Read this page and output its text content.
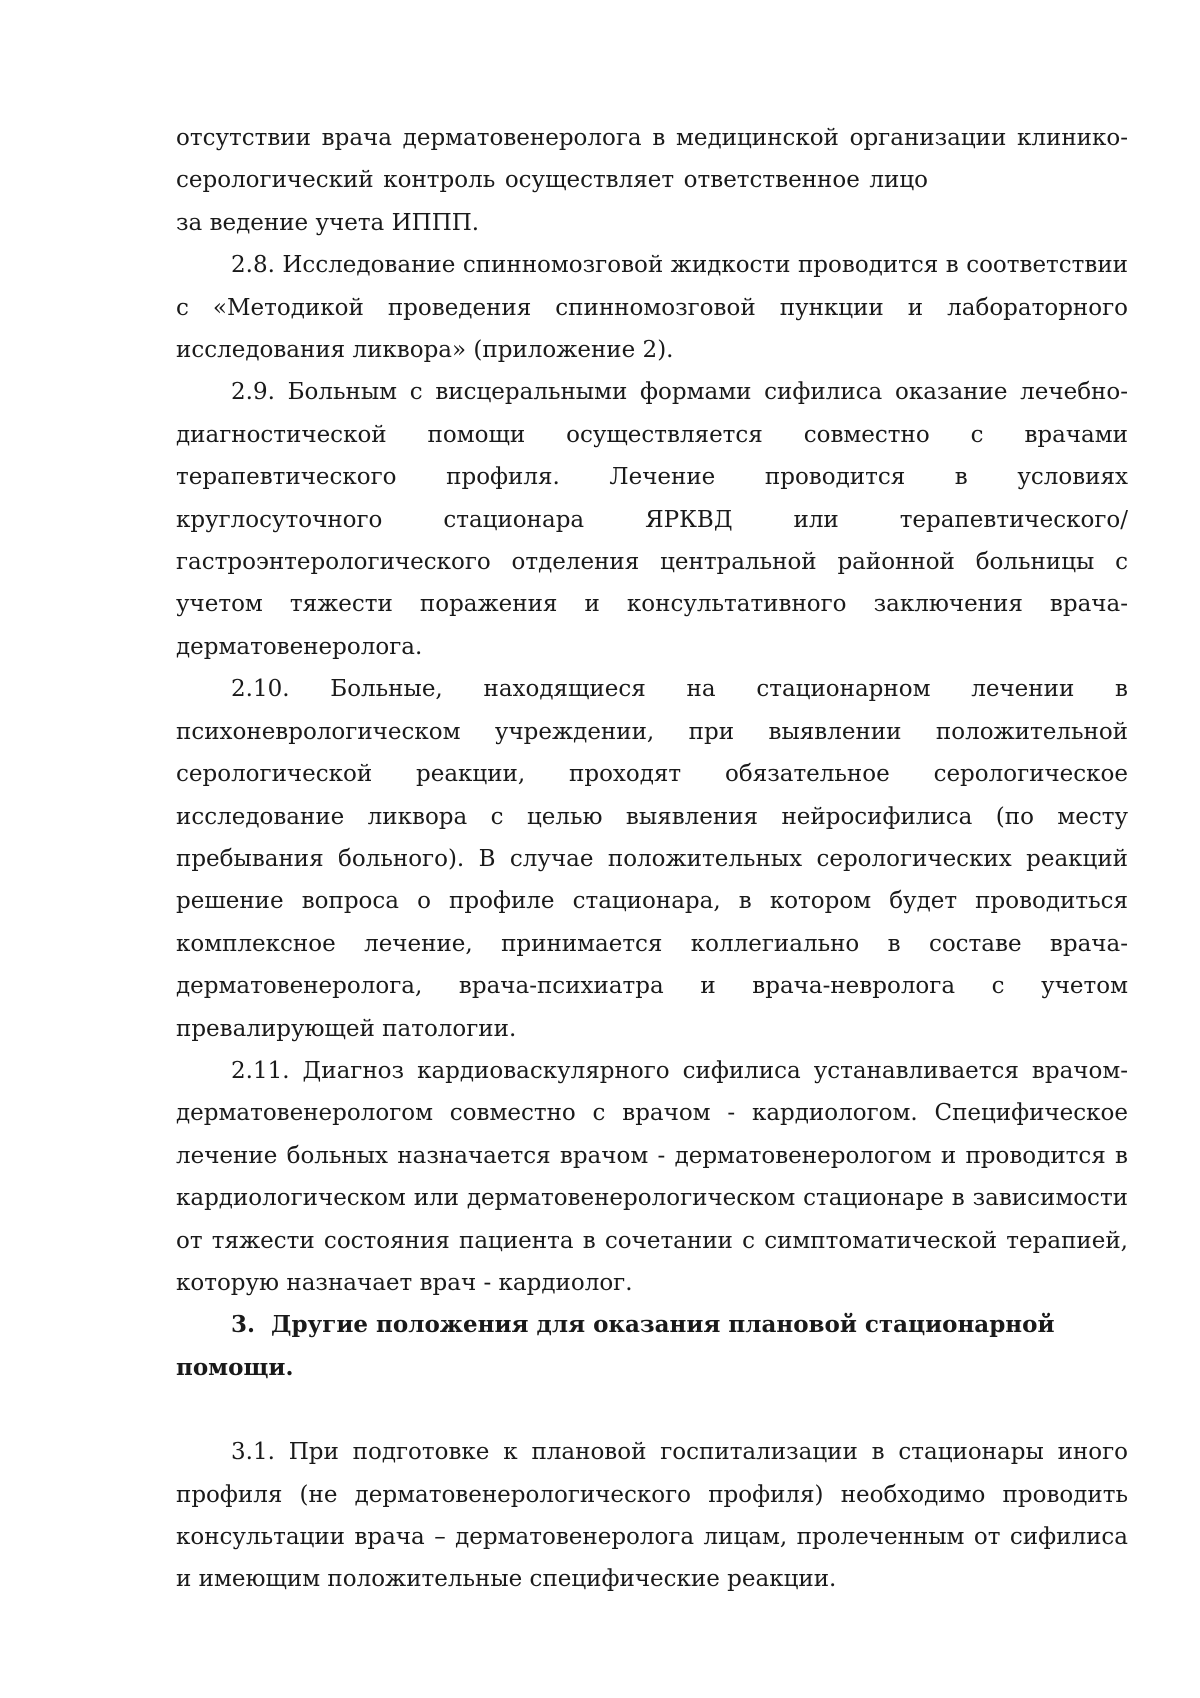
отсутствии врача дерматовенеролога в медицинской организации клинико-серологический контроль осуществляет ответственное лицо за ведение учета ИППП.

2.8. Исследование спинномозговой жидкости проводится в соответствии с «Методикой проведения спинномозговой пункции и лабораторного исследования ликвора» (приложение 2).

2.9. Больным с висцеральными формами сифилиса оказание лечебно-диагностической помощи осуществляется совместно с врачами терапевтического профиля. Лечение проводится в условиях круглосуточного стационара ЯРКВД или терапевтического/гастроэнтерологического отделения центральной районной больницы с учетом тяжести поражения и консультативного заключения врача-дерматовенеролога.

2.10. Больные, находящиеся на стационарном лечении в психоневрологическом учреждении, при выявлении положительной серологической реакции, проходят обязательное серологическое исследование ликвора с целью выявления нейросифилиса (по месту пребывания больного). В случае положительных серологических реакций решение вопроса о профиле стационара, в котором будет проводиться комплексное лечение, принимается коллегиально в составе врача-дерматовенеролога, врача-психиатра и врача-невролога с учетом превалирующей патологии.

2.11. Диагноз кардиоваскулярного сифилиса устанавливается врачом-дерматовенерологом совместно с врачом - кардиологом. Специфическое лечение больных назначается врачом - дерматовенерологом и проводится в кардиологическом или дерматовенерологическом стационаре в зависимости от тяжести состояния пациента в сочетании с симптоматической терапией, которую назначает врач - кардиолог.

3. Другие положения для оказания плановой стационарной помощи.

3.1. При подготовке к плановой госпитализации в стационары иного профиля (не дерматовенерологического профиля) необходимо проводить консультации врача – дерматовенеролога лицам, пролеченным от сифилиса и имеющим положительные специфические реакции.
